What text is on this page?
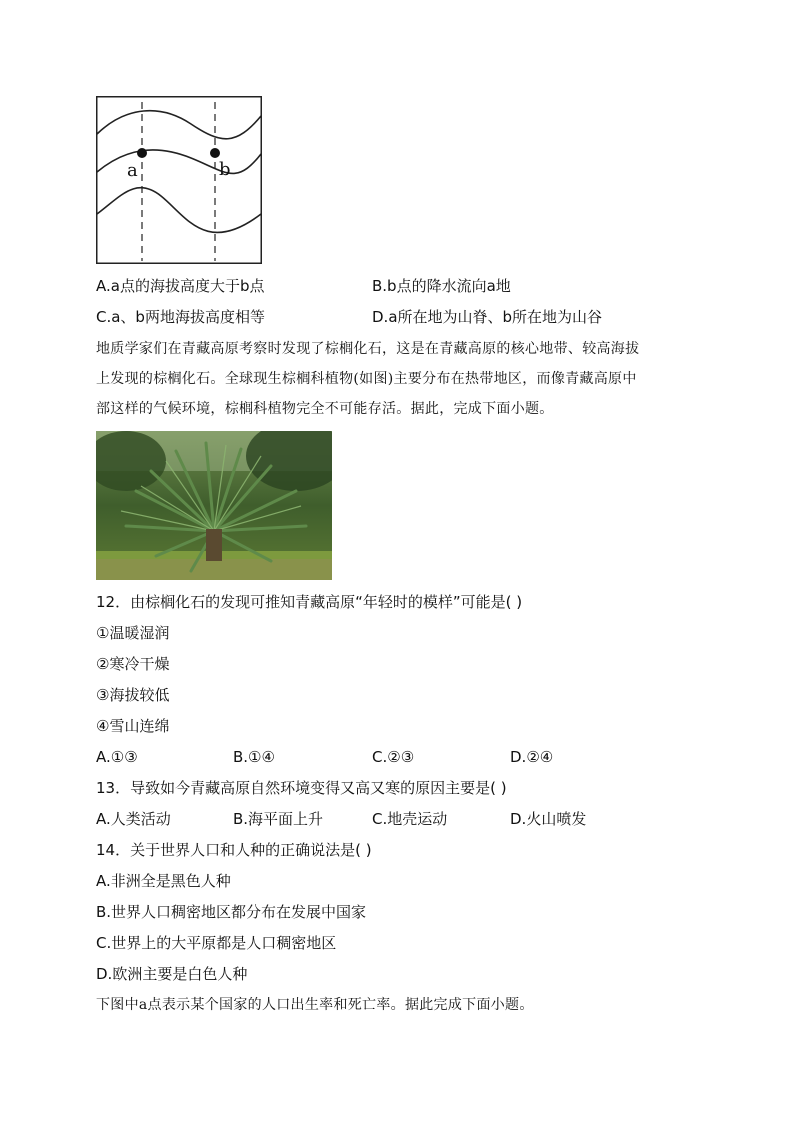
a	b
A.a点的海拔高度大于b点	B.b点的降水流向a地
C.a、b两地海拔高度相等	D.a所在地为山脊、b所在地为山谷
地质学家们在青藏高原考察时发现了棕榈化石，这是在青藏高原的核心地带、较高海拔
上发现的棕榈化石。全球现生棕榈科植物(如图)主要分布在热带地区，而像青藏高原中
部这样的气候环境，棕榈科植物完全不可能存活。据此，完成下面小题。
12．由棕榈化石的发现可推知青藏高原“年轻时的模样”可能是( )
①温暖湿润
②寒冷干燥
③海拔较低
④雪山连绵
A.①③	B.①④	C.②③	D.②④
13．导致如今青藏高原自然环境变得又高又寒的原因主要是( )
A.人类活动	B.海平面上升	C.地壳运动	D.火山喷发
14．关于世界人口和人种的正确说法是( )
A.非洲全是黑色人种
B.世界人口稠密地区都分布在发展中国家
C.世界上的大平原都是人口稠密地区
D.欧洲主要是白色人种
下图中a点表示某个国家的人口出生率和死亡率。据此完成下面小题。
